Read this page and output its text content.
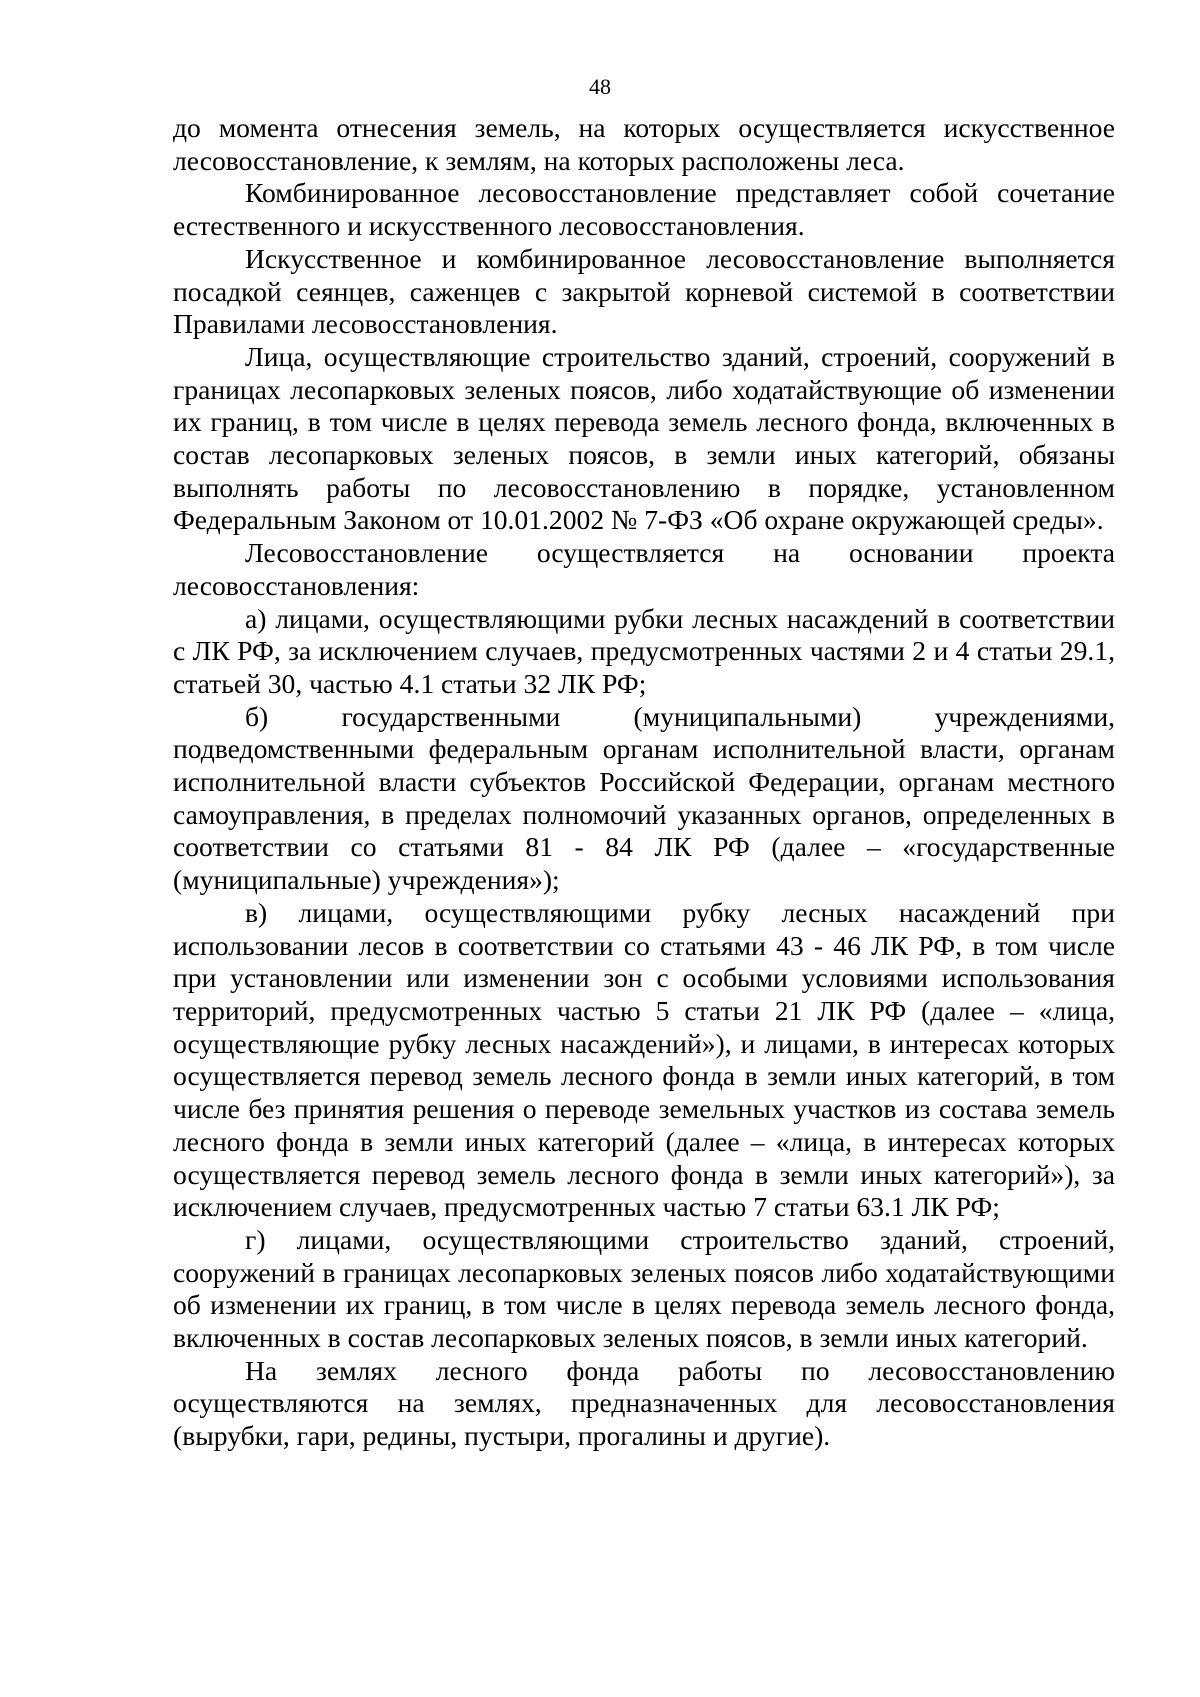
48

до момента отнесения земель, на которых осуществляется искусственное лесовосстановление, к землям, на которых расположены леса.

Комбинированное лесовосстановление представляет собой сочетание естественного и искусственного лесовосстановления.

Искусственное и комбинированное лесовосстановление выполняется посадкой сеянцев, саженцев с закрытой корневой системой в соответствии Правилами лесовосстановления.

Лица, осуществляющие строительство зданий, строений, сооружений в границах лесопарковых зеленых поясов, либо ходатайствующие об изменении их границ, в том числе в целях перевода земель лесного фонда, включенных в состав лесопарковых зеленых поясов, в земли иных категорий, обязаны выполнять работы по лесовосстановлению в порядке, установленном Федеральным Законом от 10.01.2002 № 7-ФЗ «Об охране окружающей среды».

Лесовосстановление осуществляется на основании проекта лесовосстановления:

а) лицами, осуществляющими рубки лесных насаждений в соответствии с ЛК РФ, за исключением случаев, предусмотренных частями 2 и 4 статьи 29.1, статьей 30, частью 4.1 статьи 32 ЛК РФ;

б) государственными (муниципальными) учреждениями, подведомственными федеральным органам исполнительной власти, органам исполнительной власти субъектов Российской Федерации, органам местного самоуправления, в пределах полномочий указанных органов, определенных в соответствии со статьями 81 - 84 ЛК РФ (далее – «государственные (муниципальные) учреждения»);

в) лицами, осуществляющими рубку лесных насаждений при использовании лесов в соответствии со статьями 43 - 46 ЛК РФ, в том числе при установлении или изменении зон с особыми условиями использования территорий, предусмотренных частью 5 статьи 21 ЛК РФ (далее – «лица, осуществляющие рубку лесных насаждений»), и лицами, в интересах которых осуществляется перевод земель лесного фонда в земли иных категорий, в том числе без принятия решения о переводе земельных участков из состава земель лесного фонда в земли иных категорий (далее – «лица, в интересах которых осуществляется перевод земель лесного фонда в земли иных категорий»), за исключением случаев, предусмотренных частью 7 статьи 63.1 ЛК РФ;

г) лицами, осуществляющими строительство зданий, строений, сооружений в границах лесопарковых зеленых поясов либо ходатайствующими об изменении их границ, в том числе в целях перевода земель лесного фонда, включенных в состав лесопарковых зеленых поясов, в земли иных категорий.

На землях лесного фонда работы по лесовосстановлению осуществляются на землях, предназначенных для лесовосстановления (вырубки, гари, редины, пустыри, прогалины и другие).
